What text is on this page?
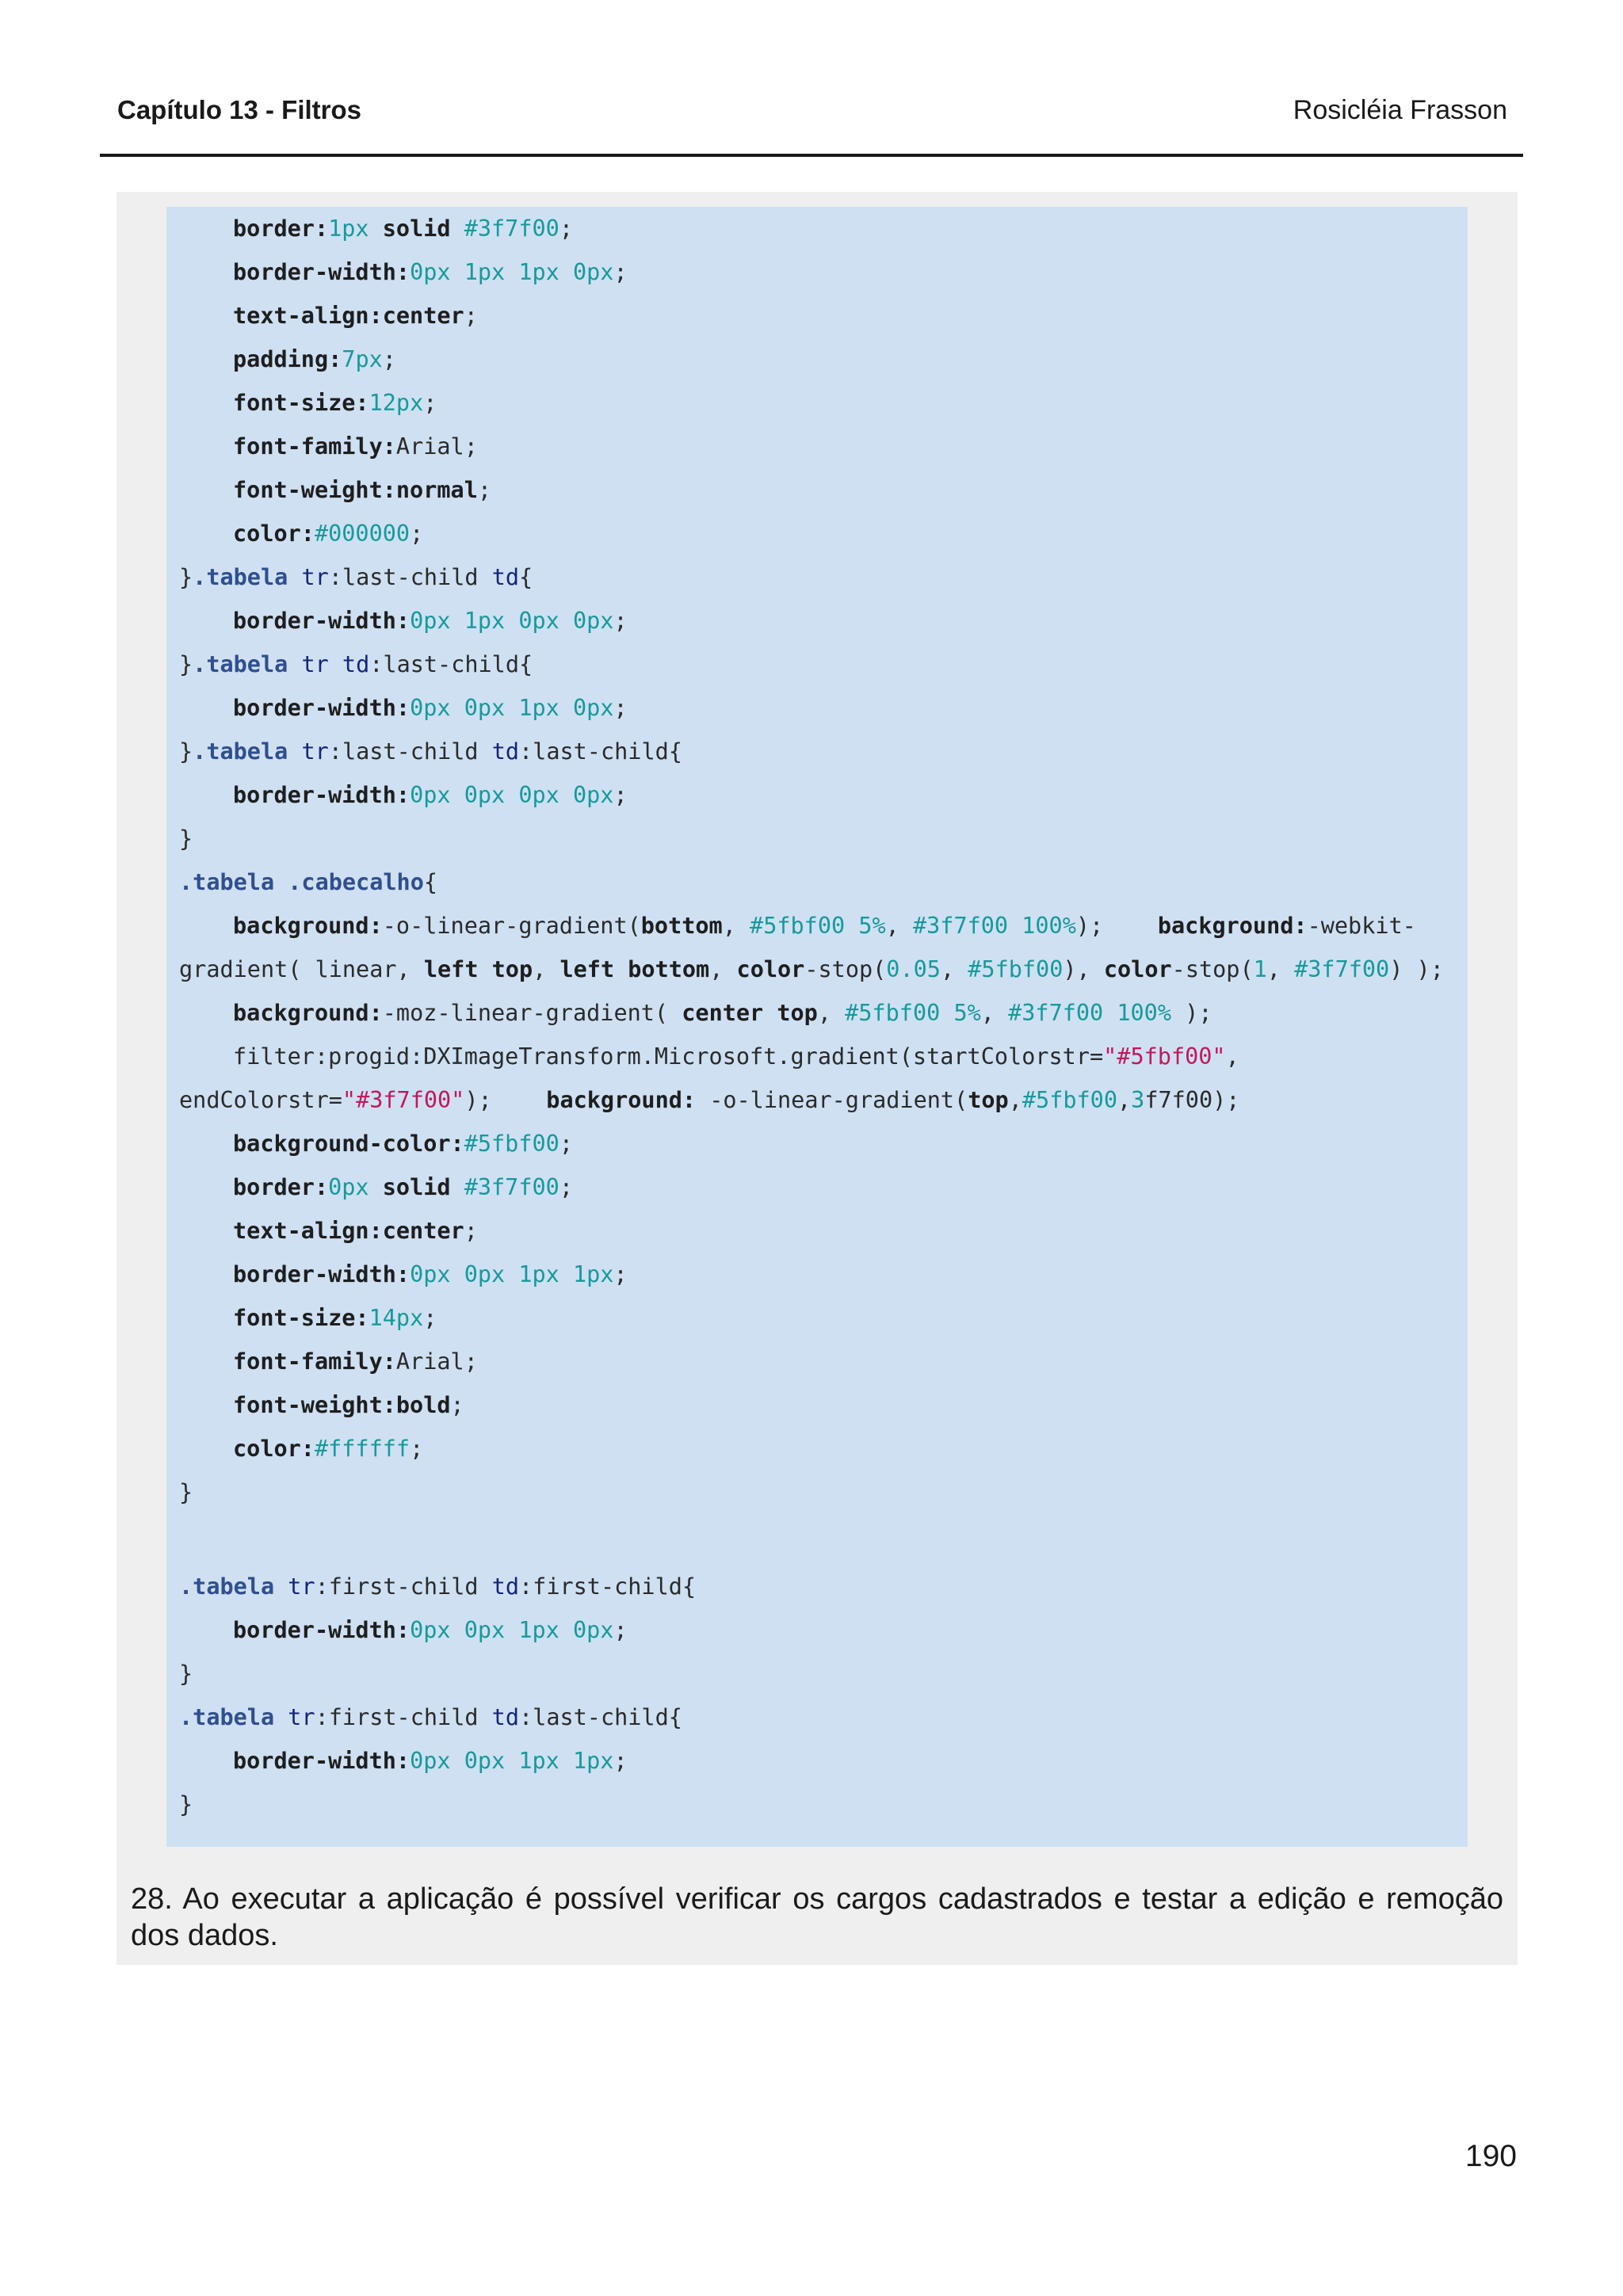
Capítulo 13 - Filtros	Rosicléia Frasson
border:1px solid #3f7f00;
border-width:0px 1px 1px 0px;
text-align:center;
padding:7px;
font-size:12px;
font-family:Arial;
font-weight:normal;
color:#000000;
}.tabela tr:last-child td{
border-width:0px 1px 0px 0px;
}.tabela tr td:last-child{
border-width:0px 0px 1px 0px;
}.tabela tr:last-child td:last-child{
border-width:0px 0px 0px 0px;
}
.tabela .cabecalho{
background:-o-linear-gradient(bottom, #5fbf00 5%, #3f7f00 100%);    background:-webkit-
gradient( linear, left top, left bottom, color-stop(0.05, #5fbf00), color-stop(1, #3f7f00) );
background:-moz-linear-gradient( center top, #5fbf00 5%, #3f7f00 100% );
filter:progid:DXImageTransform.Microsoft.gradient(startColorstr="#5fbf00",
endColorstr="#3f7f00");    background: -o-linear-gradient(top,#5fbf00,3f7f00);
background-color:#5fbf00;
border:0px solid #3f7f00;
text-align:center;
border-width:0px 0px 1px 1px;
font-size:14px;
font-family:Arial;
font-weight:bold;
color:#ffffff;
}
.tabela tr:first-child td:first-child{
border-width:0px 0px 1px 0px;
}
.tabela tr:first-child td:last-child{
border-width:0px 0px 1px 1px;
}
28. Ao executar a aplicação é possível verificar os cargos cadastrados e testar a edição e remoção dos dados.
190
